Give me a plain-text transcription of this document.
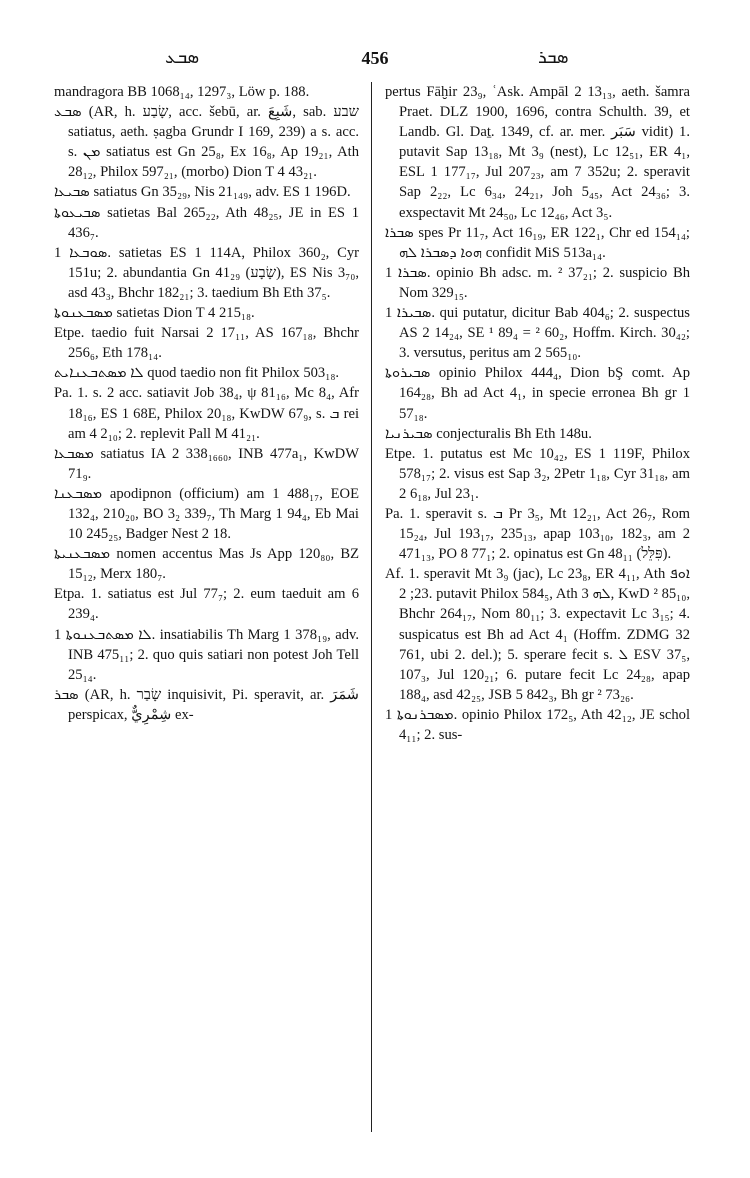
ܣܒܥ	456	ܣܒܪ
mandragora BB 1068₁₄, 1297₃, Löw p. 188.
ܣܒܥ (AR, h. שָׂבַע, acc. šebū, ar. شَبِعَ, sab. שבע satiatus, aeth. ṣagba Grundr I 169, 239) a s. acc. s. ܡܢ satiatus est Gn 25₈, Ex 16₈, Ap 19₂₁, Ath 28₁₂, Philox 597₂₁, (morbo) Dion T 4 43₂₁.
ܣܒܝܥܐ satiatus Gn 35₂₉, Nis 21₁₄₉, adv. ES 1 196D.
ܣܒܝܥܘܬܐ satietas Bal 265₂₂, Ath 48₂₅, JE in ES 1 436₇.
ܣܘܒܥܐ 1. satietas ES 1 114A, Philox 360₂, Cyr 151u; 2. abundantia Gn 41₂₉ (שָׂבָע), ES Nis 3₇₀, asd 43₃, Bhchr 182₂₁; 3. taedium Bh Eth 37₅.
ܡܣܒܥܢܘܬܐ satietas Dion T 4 215₁₈.
Etpe. taedio fuit Narsai 2 17₁₁, AS 167₁₈, Bhchr 256₆, Eth 178₁₄.
ܠܐ ܡܣܬܒܥܢܐܝܬ quod taedio non fit Philox 503₁₈.
Pa. 1. s. 2 acc. satiavit Job 38₄, ψ 81₁₆, Mc 8₄, Afr 18₁₆, ES 1 68E, Philox 20₁₈, KwDW 67₉, s. ܒ rei am 4 2₁₀; 2. replevit Pall M 41₂₁.
ܡܣܒܥܐ satiatus IA 2 338₁₆₆₀, INB 477a₁, KwDW 71₉.
ܡܣܒܥܢܐ apodipnon (officium) am 1 488₁₇, EOE 132₄, 210₂₀, BO 3₂ 339₇, Th Marg 1 94₄, Eb Mai 10 245₂₅, Badger Nest 2 18.
ܡܣܒܥܢܝܬܐ nomen accentus Mas Js App 120₈₀, BZ 15₁₂, Merx 180₇.
Etpa. 1. satiatus est Jul 77₇; 2. eum taeduit am 6 239₄.
ܠܐ ܡܣܬܒܥܢܘܬܐ 1. insatiabilis Th Marg 1 378₁₉, adv. INB 475₁₁; 2. quo quis satiari non potest Joh Tell 25₁₄.
ܣܒܪ (AR, h. שָׂבַר inquisivit, Pi. speravit, ar. شَمَرَ perspicax, شِمْرِيٌّ ex-
pertus Fāḫir 23₉, ʿAsk. Ampāl 2 13₁₃, aeth. šamra Praet. DLZ 1900, 1696, contra Schulth. 39, et Landb. Gl. Daṯ. 1349, cf. ar. mer. سَبَر vidit) 1. putavit Sap 13₁₈, Mt 3₉ (nest), Lc 12₅₁, ER 4₁, ESL 1 177₁₇, Jul 207₂₃, am 7 352u; 2. speravit Sap 2₂₂, Lc 6₃₄, 24₂₁, Joh 5₄₅, Act 24₃₆; 3. exspectavit Mt 24₅₀, Lc 12₄₆, Act 3₅.
ܣܒܪܐ spes Pr 11₇, Act 16₁₉, ER 122₁, Chr ed 154₁₄; ܗܘܐ ܕܣܒܪܐ ܠܗ confidit MiS 513a₁₄.
ܣܒܪܐ 1. opinio Bh adsc. m. ² 37₂₁; 2. suspicio Bh Nom 329₁₅.
ܣܒܝܪܐ 1. qui putatur, dicitur Bab 404₆; 2. suspectus AS 2 14₂₄, SE ¹ 89₄ = ² 60₂, Hoffm. Kirch. 30₄₂; 3. versutus, peritus am 2 565₁₀.
ܣܒܝܪܘܬܐ opinio Philox 444₄, Dion bŞ comt. Ap 164₂₈, Bh ad Act 4₁, in specie erronea Bh gr 1 57₁₈.
ܣܒܝܪܢܝܐ conjecturalis Bh Eth 148u.
Etpe. 1. putatus est Mc 10₄₂, ES 1 119F, Philox 578₁₇; 2. visus est Sap 3₂, 2Petr 1₁₈, Cyr 31₁₈, am 2 6₁₈, Jul 23₁.
Pa. 1. speravit s. ܒ Pr 3₅, Mt 12₂₁, Act 26₇, Rom 15₂₄, Jul 193₁₇, 235₁₃, apap 103₁₀, 182₃, am 2 471₁₃, PO 8 77₁; 2. opinatus est Gn 48₁₁ (פִּלֵּל).
Af. 1. speravit Mt 3₉ (jac), Lc 23₈, ER 4₁₁, Ath ܐܘܦ 23; 2. putavit Philox 584₅, Ath ܠܗ 3, KwD ² 85₁₀, Bhchr 264₁₇, Nom 80₁₁; 3. expectavit Lc 3₁₅; 4. suspicatus est Bh ad Act 4₁ (Hoffm. ZDMG 32 761, ubi 2. del.); 5. sperare fecit s. ܠ ESV 37₅, 107₃, Jul 120₂₁; 6. putare fecit Lc 24₂₈, apap 188₄, asd 42₂₅, JSB 5 842₃, Bh gr ² 73₂₆.
ܡܣܒܪܢܘܬܐ 1. opinio Philox 172₅, Ath 42₁₂, JE schol 4₁₁; 2. sus-
